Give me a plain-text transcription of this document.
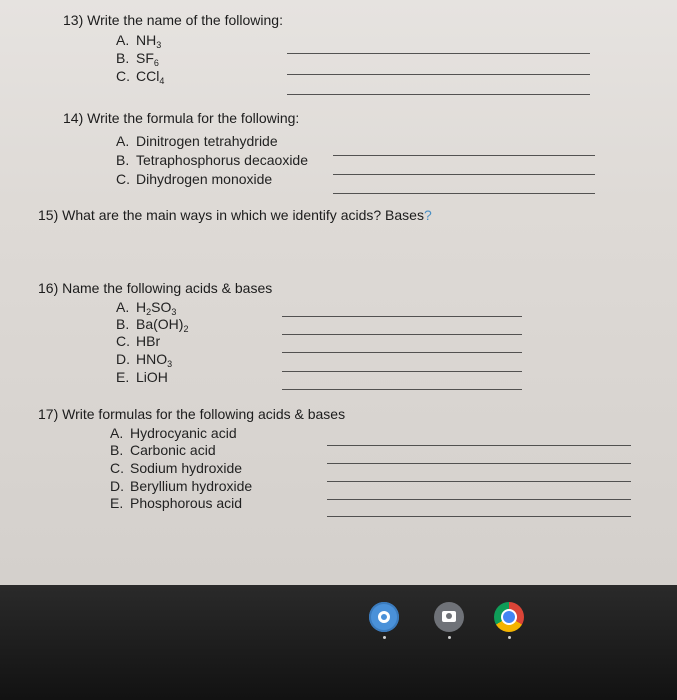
13) Write the name of the following:
A. $NH_3$
B. $SF_6$
C. CCl$_4$
14) Write the formula for the following:
A. Dinitrogen tetrahydride
B. Tetraphosphorus decaoxide
C. Dihydrogen monoxide
15) What are the main ways in which we identify acids? Bases?
16) Name the following acids & bases
A. $H_2SO_3$
B. $Ba(OH)_2$
C. HBr
D. $HNO_3$
E. LiOH
17) Write formulas for the following acids & bases
A. Hydrocyanic acid
B. Carbonic acid
C. Sodium hydroxide
D. Beryllium hydroxide
E. Phosphorous acid
